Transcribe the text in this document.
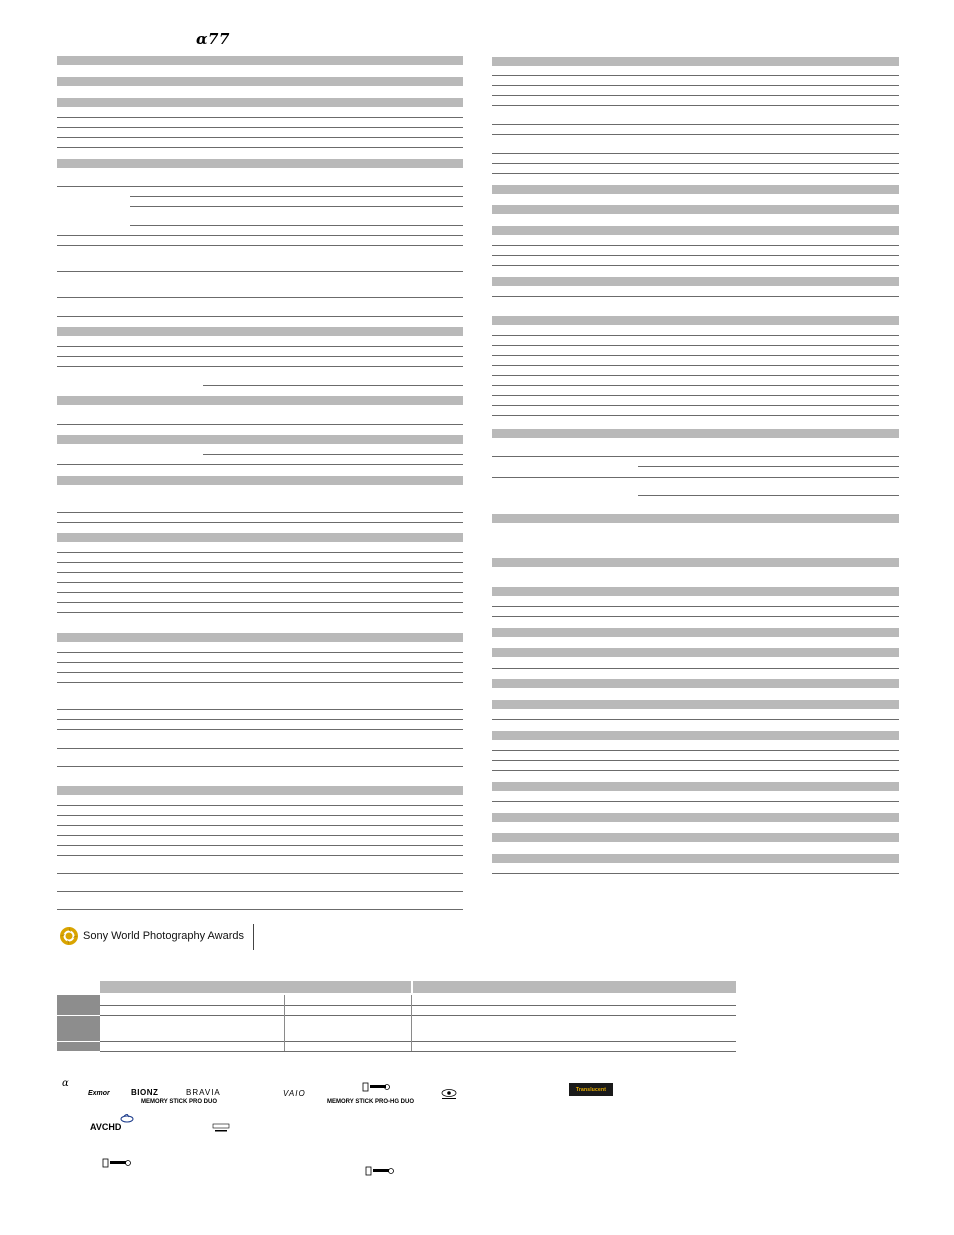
α77
Sony World Photography Awards
α
Exmor	BIONZ	BRAVIA
MEMORY STICK PRO DUO
VAIO
MEMORY STICK PRO-HG DUO
AVCHD
Translucent
